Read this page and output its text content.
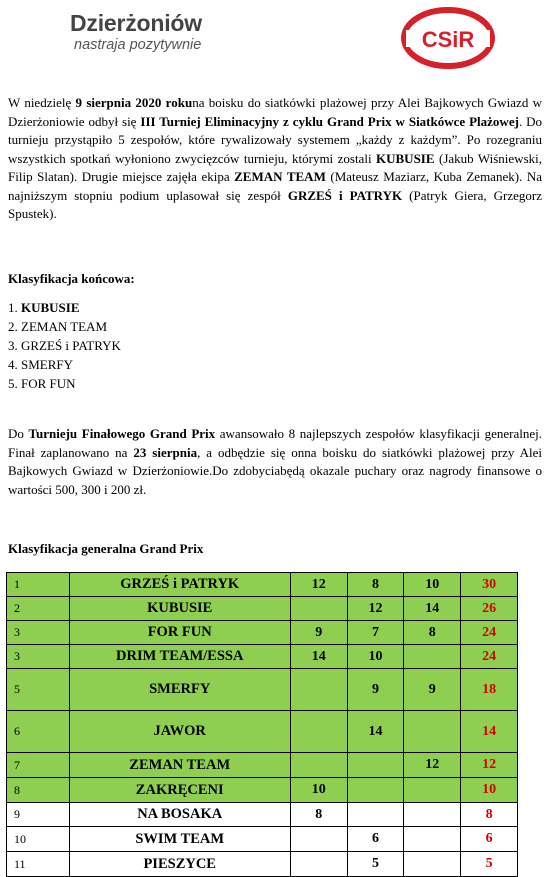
Dzierżoniów
nastraja pozytywnie	CSiR
W niedzielę 9 sierpnia 2020 rokuna boisku do siatkówki plażowej przy Alei Bajkowych Gwiazd w Dzierżoniowie odbył się III Turniej Eliminacyjny z cyklu Grand Prix w Siatkówce Plażowej. Do turnieju przystąpiło 5 zespołów, które rywalizowały systemem „każdy z każdym”. Po rozegraniu wszystkich spotkań wyłoniono zwycięzców turnieju, którymi zostali KUBUSIE (Jakub Wiśniewski, Filip Slatan). Drugie miejsce zajęła ekipa ZEMAN TEAM (Mateusz Maziarz, Kuba Zemanek). Na najniższym stopniu podium uplasował się zespół GRZEŚ i PATRYK (Patryk Giera, Grzegorz Spustek).
Klasyfikacja końcowa:
1. KUBUSIE
2. ZEMAN TEAM
3. GRZEŚ i PATRYK
4. SMERFY
5. FOR FUN
Do Turnieju Finałowego Grand Prix awansowało 8 najlepszych zespołów klasyfikacji generalnej. Finał zaplanowano na 23 sierpnia, a odbędzie się onna boisku do siatkówki plażowej przy Alei Bajkowych Gwiazd w Dzierżoniowie.Do zdobyciabędą okazale puchary oraz nagrody finansowe o wartości 500, 300 i 200 zł.
Klasyfikacja generalna Grand Prix
1	GRZEŚ i PATRYK	12	8	10	30
2	KUBUSIE		12	14	26
3	FOR FUN	9	7	8	24
3	DRIM TEAM/ESSA	14	10		24
5	SMERFY		9	9	18
6	JAWOR		14		14
7	ZEMAN TEAM			12	12
8	ZAKRĘCENI	10			10
9	NA BOSAKA	8			8
10	SWIM TEAM		6		6
11	PIESZYCE		5		5
